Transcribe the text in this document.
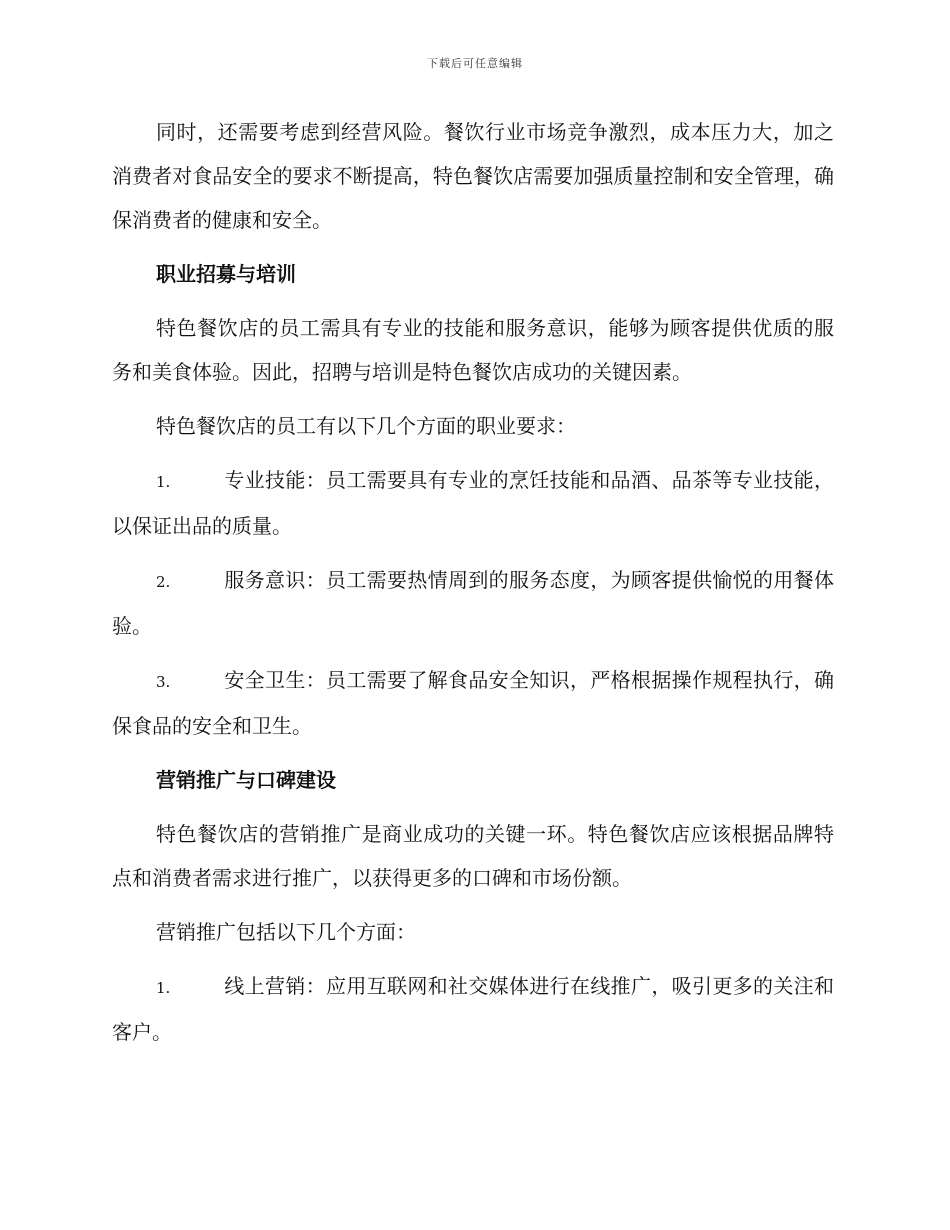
下载后可任意编辑

同时，还需要考虑到经营风险。餐饮行业市场竞争激烈，成本压力大，加之消费者对食品安全的要求不断提高，特色餐饮店需要加强质量控制和安全管理，确保消费者的健康和安全。

职业招募与培训

特色餐饮店的员工需具有专业的技能和服务意识，能够为顾客提供优质的服务和美食体验。因此，招聘与培训是特色餐饮店成功的关键因素。

特色餐饮店的员工有以下几个方面的职业要求：

1.	专业技能：员工需要具有专业的烹饪技能和品酒、品茶等专业技能，以保证出品的质量。
2.	服务意识：员工需要热情周到的服务态度，为顾客提供愉悦的用餐体验。
3.	安全卫生：员工需要了解食品安全知识，严格根据操作规程执行，确保食品的安全和卫生。
营销推广与口碑建设

特色餐饮店的营销推广是商业成功的关键一环。特色餐饮店应该根据品牌特点和消费者需求进行推广，以获得更多的口碑和市场份额。

营销推广包括以下几个方面：

1.	线上营销：应用互联网和社交媒体进行在线推广，吸引更多的关注和客户。
